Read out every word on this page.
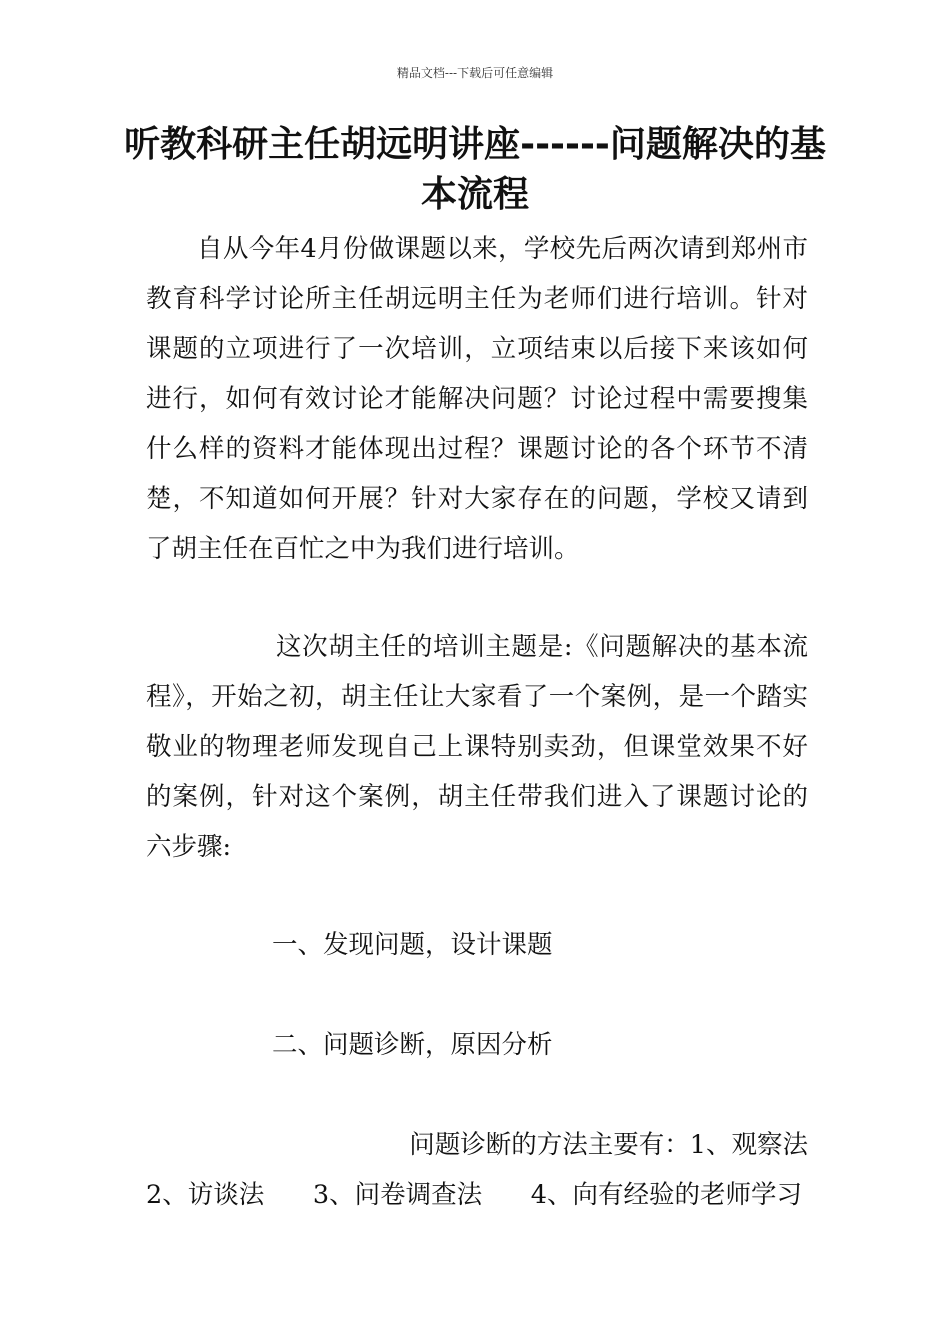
精品文档---下载后可任意编辑
听教科研主任胡远明讲座------问题解决的基本流程

自从今年4月份做课题以来，学校先后两次请到郑州市教育科学讨论所主任胡远明主任为老师们进行培训。针对课题的立项进行了一次培训，立项结束以后接下来该如何进行，如何有效讨论才能解决问题？讨论过程中需要搜集什么样的资料才能体现出过程？课题讨论的各个环节不清楚，不知道如何开展？针对大家存在的问题，学校又请到了胡主任在百忙之中为我们进行培训。

这次胡主任的培训主题是:《问题解决的基本流程》，开始之初，胡主任让大家看了一个案例，是一个踏实敬业的物理老师发现自己上课特别卖劲，但课堂效果不好的案例，针对这个案例，胡主任带我们进入了课题讨论的六步骤:

一、发现问题，设计课题

二、问题诊断，原因分析

问题诊断的方法主要有：1、观察法

2、访谈法      3、问卷调查法      4、向有经验的老师学习
